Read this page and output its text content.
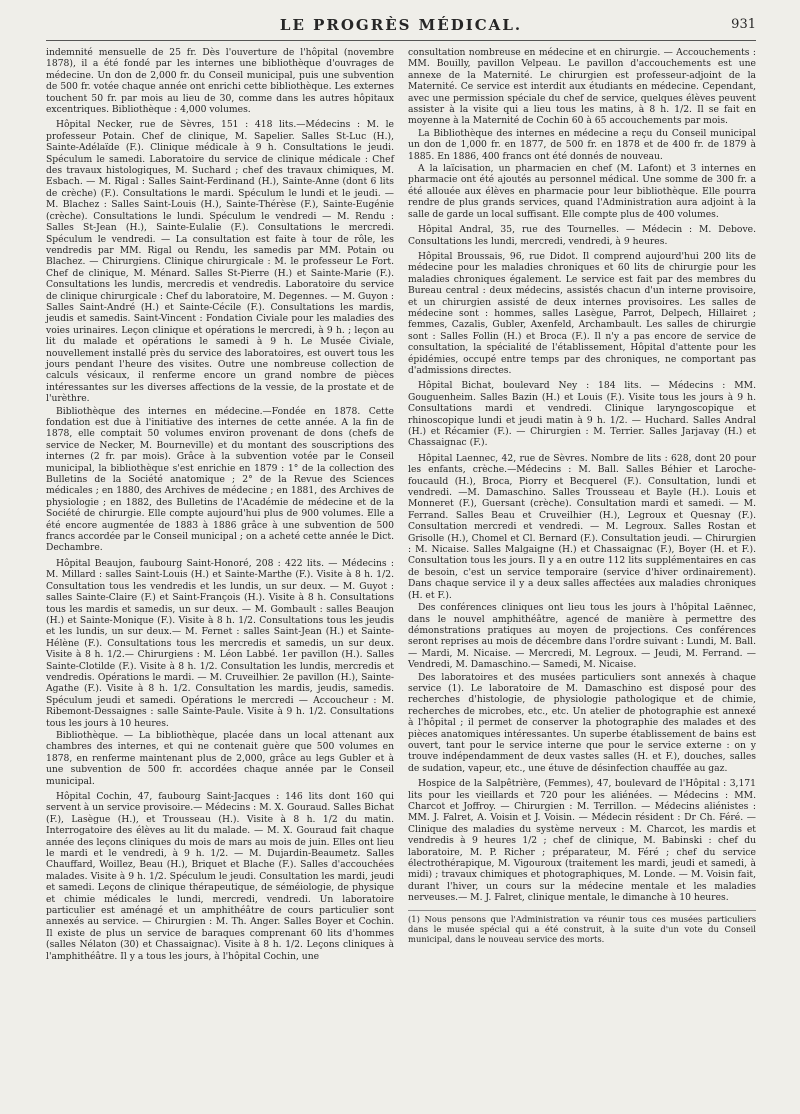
LE PROGRÈS MÉDICAL.	931

indemnité mensuelle de 25 fr. Dès l'ouverture de l'hôpital (novembre 1878), il a été fondé par les internes une bibliothèque d'ouvrages de médecine. Un don de 2,000 fr. du Conseil municipal, puis une subvention de 500 fr. votée chaque année ont enrichi cette bibliothèque. Les externes touchent 50 fr. par mois au lieu de 30, comme dans les autres hôpitaux excentriques. Bibliothèque : 4,000 volumes.

Hôpital Necker, rue de Sèvres, 151 : 418 lits.—Médecins : M. le professeur Potain. Chef de clinique, M. Sapelier. Salles St-Luc (H.), Sainte-Adélaïde (F.). Clinique médicale à 9 h. Consultations le jeudi. Spéculum le samedi. Laboratoire du service de clinique médicale : Chef des travaux histologiques, M. Suchard ; chef des travaux chimiques, M. Esbach. — M. Rigal : Salles Saint-Ferdinand (H.), Sainte-Anne (dont 6 lits de crèche) (F.). Consultations le mardi. Spéculum le lundi et le jeudi. — M. Blachez : Salles Saint-Louis (H.), Sainte-Thérèse (F.), Sainte-Eugénie (crèche). Consultations le lundi. Spéculum le vendredi — M. Rendu : Salles St-Jean (H.), Sainte-Eulalie (F.). Consultations le mercredi. Spéculum le vendredi. — La consultation est faite à tour de rôle, les vendredis par MM. Rigal ou Rendu, les samedis par MM. Potain ou Blachez. — Chirurgiens. Clinique chirurgicale : M. le professeur Le Fort. Chef de clinique, M. Ménard. Salles St-Pierre (H.) et Sainte-Marie (F.). Consultations les lundis, mercredis et vendredis. Laboratoire du service de clinique chirurgicale : Chef du laboratoire, M. Degennes. — M. Guyon : Salles Saint-André (H.) et Sainte-Cécile (F.). Consultations les mardis, jeudis et samedis. Saint-Vincent : Fondation Civiale pour les maladies des voies urinaires. Leçon clinique et opérations le mercredi, à 9 h. ; leçon au lit du malade et opérations le samedi à 9 h. Le Musée Civiale, nouvellement installé près du service des laboratoires, est ouvert tous les jours pendant l'heure des visites. Outre une nombreuse collection de calculs vésicaux, il renferme encore un grand nombre de pièces intéressantes sur les diverses affections de la vessie, de la prostate et de l'urèthre.

Bibliothèque des internes en médecine.—Fondée en 1878. Cette fondation est due à l'initiative des internes de cette année. A la fin de 1878, elle comptait 50 volumes environ provenant de dons (chefs de service de Necker, M. Bourneville) et du montant des souscriptions des internes (2 fr. par mois). Grâce à la subvention votée par le Conseil municipal, la bibliothèque s'est enrichie en 1879 : 1° de la collection des Bulletins de la Société anatomique ; 2° de la Revue des Sciences médicales ; en 1880, des Archives de médecine ; en 1881, des Archives de physiologie ; en 1882, des Bulletins de l'Académie de médecine et de la Société de chirurgie. Elle compte aujourd'hui plus de 900 volumes. Elle a été encore augmentée de 1883 à 1886 grâce à une subvention de 500 francs accordée par le Conseil municipal ; on a acheté cette année le Dict. Dechambre.

Hôpital Beaujon, faubourg Saint-Honoré, 208 : 422 lits. — Médecins : M. Millard : salles Saint-Louis (H.) et Sainte-Marthe (F.). Visite à 8 h. 1/2. Consultation tous les vendredis et les lundis, un sur deux. — M. Guyot : salles Sainte-Claire (F.) et Saint-François (H.). Visite à 8 h. Consultations tous les mardis et samedis, un sur deux. — M. Gombault : salles Beaujon (H.) et Sainte-Monique (F.). Visite à 8 h. 1/2. Consultations tous les jeudis et les lundis, un sur deux.— M. Fernet : salles Saint-Jean (H.) et Sainte-Hélène (F.). Consultations tous les mercredis et samedis, un sur deux. Visite à 8 h. 1/2.— Chirurgiens : M. Léon Labbé. 1er pavillon (H.). Salles Sainte-Clotilde (F.). Visite à 8 h. 1/2. Consultation les lundis, mercredis et vendredis. Opérations le mardi. — M. Cruveilhier. 2e pavillon (H.), Sainte-Agathe (F.). Visite à 8 h. 1/2. Consultation les mardis, jeudis, samedis. Spéculum jeudi et samedi. Opérations le mercredi — Accoucheur : M. Ribemont-Dessaignes : salle Sainte-Paule. Visite à 9 h. 1/2. Consultations tous les jours à 10 heures.

Bibliothèque. — La bibliothèque, placée dans un local attenant aux chambres des internes, et qui ne contenait guère que 500 volumes en 1878, en renferme maintenant plus de 2,000, grâce au legs Gubler et à une subvention de 500 fr. accordées chaque année par le Conseil municipal.

Hôpital Cochin, 47, faubourg Saint-Jacques : 146 lits dont 160 qui servent à un service provisoire.— Médecins : M. X. Gouraud. Salles Bichat (F.), Lasègue (H.), et Trousseau (H.). Visite à 8 h. 1/2 du matin. Interrogatoire des élèves au lit du malade. — M. X. Gouraud fait chaque année des leçons cliniques du mois de mars au mois de juin. Elles ont lieu le mardi et le vendredi, à 9 h. 1/2. — M. Dujardin-Beaumetz. Salles Chauffard, Woillez, Beau (H.), Briquet et Blache (F.). Salles d'accouchées malades. Visite à 9 h. 1/2. Spéculum le jeudi. Consultation les mardi, jeudi et samedi. Leçons de clinique thérapeutique, de séméiologie, de physique et chimie médicales le lundi, mercredi, vendredi. Un laboratoire particulier est aménagé et un amphithéâtre de cours particulier sont annexés au service. — Chirurgien : M. Th. Anger. Salles Boyer et Cochin. Il existe de plus un service de baraques comprenant 60 lits d'hommes (salles Nélaton (30) et Chassaignac). Visite à 8 h. 1/2. Leçons cliniques à l'amphithéâtre. Il y a tous les jours, à l'hôpital Cochin, une

consultation nombreuse en médecine et en chirurgie. — Accouchements : MM. Bouilly, pavillon Velpeau. Le pavillon d'accouchements est une annexe de la Maternité. Le chirurgien est professeur-adjoint de la Maternité. Ce service est interdit aux étudiants en médecine. Cependant, avec une permission spéciale du chef de service, quelques élèves peuvent assister à la visite qui a lieu tous les matins, à 8 h. 1/2. Il se fait en moyenne à la Maternité de Cochin 60 à 65 accouchements par mois.

La Bibliothèque des internes en médecine a reçu du Conseil municipal un don de 1,000 fr. en 1877, de 500 fr. en 1878 et de 400 fr. de 1879 à 1885. En 1886, 400 francs ont été donnés de nouveau.

A la laïcisation, un pharmacien en chef (M. Lafont) et 3 internes en pharmacie ont été ajoutés au personnel médical. Une somme de 300 fr. a été allouée aux élèves en pharmacie pour leur bibliothèque. Elle pourra rendre de plus grands services, quand l'Administration aura adjoint à la salle de garde un local suffisant. Elle compte plus de 400 volumes.

Hôpital Andral, 35, rue des Tournelles. — Médecin : M. Debove. Consultations les lundi, mercredi, vendredi, à 9 heures.

Hôpital Broussais, 96, rue Didot. Il comprend aujourd'hui 200 lits de médecine pour les maladies chroniques et 60 lits de chirurgie pour les maladies chroniques également. Le service est fait par des membres du Bureau central : deux médecins, assistés chacun d'un interne provisoire, et un chirurgien assisté de deux internes provisoires. Les salles de médecine sont : hommes, salles Lasègue, Parrot, Delpech, Hillairet ; femmes, Cazalis, Gubler, Axenfeld, Archambault. Les salles de chirurgie sont : Salles Follin (H.) et Broca (F.). Il n'y a pas encore de service de consultation, la spécialité de l'établissement, Hôpital d'attente pour les épidémies, occupé entre temps par des chroniques, ne comportant pas d'admissions directes.

Hôpital Bichat, boulevard Ney : 184 lits. — Médecins : MM. Gouguenheim. Salles Bazin (H.) et Louis (F.). Visite tous les jours à 9 h. Consultations mardi et vendredi. Clinique laryngoscopique et rhinoscopique lundi et jeudi matin à 9 h. 1/2. — Huchard. Salles Andral (H.) et Récamier (F.). — Chirurgien : M. Terrier. Salles Jarjavay (H.) et Chassaignac (F.).

Hôpital Laennec, 42, rue de Sèvres. Nombre de lits : 628, dont 20 pour les enfants, crèche.—Médecins : M. Ball. Salles Béhier et Laroche-foucauld (H.), Broca, Piorry et Becquerel (F.). Consultation, lundi et vendredi. —M. Damaschino. Salles Trousseau et Bayle (H.). Louis et Monneret (F.), Guersant (crèche). Consultation mardi et samedi. — M. Ferrand. Salles Beau et Cruveilhier (H.), Legroux et Quesnay (F.). Consultation mercredi et vendredi. — M. Legroux. Salles Rostan et Grisolle (H.), Chomel et Cl. Bernard (F.). Consultation jeudi. — Chirurgien : M. Nicaise. Salles Malgaigne (H.) et Chassaignac (F.), Boyer (H. et F.). Consultation tous les jours. Il y a en outre 112 lits supplémentaires en cas de besoin, c'est un service temporaire (service d'hiver ordinairement). Dans chaque service il y a deux salles affectées aux maladies chroniques (H. et F.).

Des conférences cliniques ont lieu tous les jours à l'hôpital Laënnec, dans le nouvel amphithéâtre, agencé de manière à permettre des démonstrations pratiques au moyen de projections. Ces conférences seront reprises au mois de décembre dans l'ordre suivant : Lundi, M. Ball. — Mardi, M. Nicaise. — Mercredi, M. Legroux. — Jeudi, M. Ferrand. — Vendredi, M. Damaschino.— Samedi, M. Nicaise.

Des laboratoires et des musées particuliers sont annexés à chaque service (1). Le laboratoire de M. Damaschino est disposé pour des recherches d'histologie, de physiologie pathologique et de chimie, recherches de microbes, etc., etc. Un atelier de photographie est annexé à l'hôpital ; il permet de conserver la photographie des malades et des pièces anatomiques intéressantes. Un superbe établissement de bains est ouvert, tant pour le service interne que pour le service externe : on y trouve indépendamment de deux vastes salles (H. et F.), douches, salles de sudation, vapeur, etc., une étuve de désinfection chauffée au gaz.

Hospice de la Salpêtrière, (Femmes), 47, boulevard de l'Hôpital : 3,171 lits pour les vieillards et 720 pour les aliénées. — Médecins : MM. Charcot et Joffroy. — Chirurgien : M. Terrillon. — Médecins aliénistes : MM. J. Falret, A. Voisin et J. Voisin. — Médecin résident : Dr Ch. Féré. — Clinique des maladies du système nerveux : M. Charcot, les mardis et vendredis à 9 heures 1/2 ; chef de clinique, M. Babinski : chef du laboratoire, M. P. Richer ; préparateur, M. Féré ; chef du service électrothérapique, M. Vigouroux (traitement les mardi, jeudi et samedi, à midi) ; travaux chimiques et photographiques, M. Londe. — M. Voisin fait, durant l'hiver, un cours sur la médecine mentale et les maladies nerveuses.— M. J. Falret, clinique mentale, le dimanche à 10 heures.

(1) Nous pensons que l'Administration va réunir tous ces musées particuliers dans le musée spécial qui a été construit, à la suite d'un vote du Conseil municipal, dans le nouveau service des morts.
